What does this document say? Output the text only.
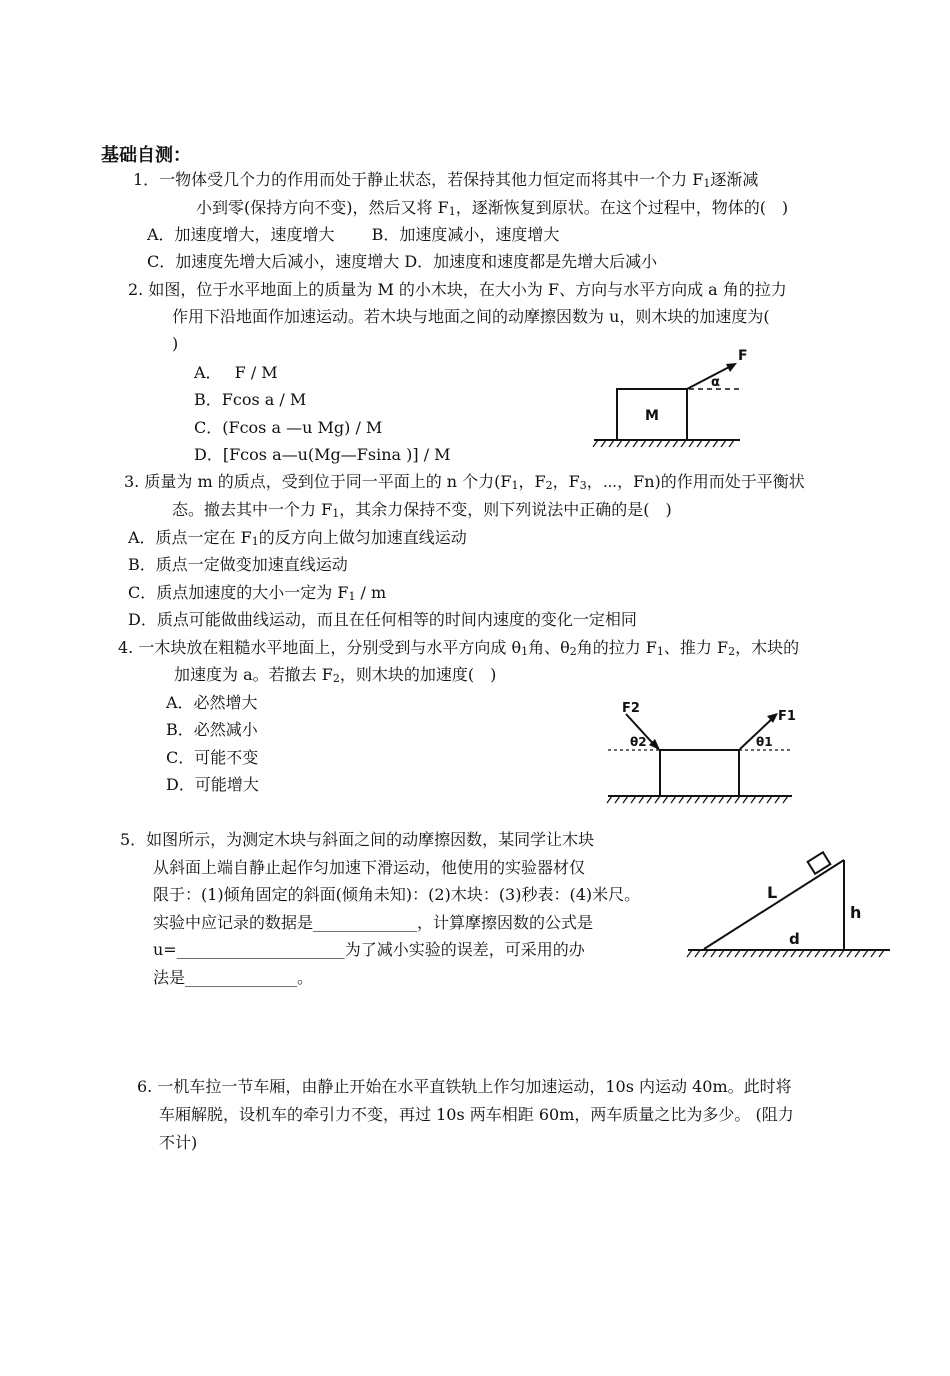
基础自测：
1．一物体受几个力的作用而处于静止状态，若保持其他力恒定而将其中一个力 $F_1$逐渐减
小到零(保持方向不变)，然后又将 $F_1$，逐渐恢复到原状。在这个过程中，物体的(　)
A．加速度增大，速度增大　　 B．加速度减小，速度增大
C．加速度先增大后减小，速度增大 D．加速度和速度都是先增大后减小
2. 如图，位于水平地面上的质量为 M 的小木块，在大小为 F、方向与水平方向成 a 角的拉力
作用下沿地面作加速运动。若木块与地面之间的动摩擦因数为 u，则木块的加速度为(
)
A．　 F / M
B．Fcos a / M
C．(Fcos a —u Mg) / M
D．[Fcos a—u(Mg—Fsina )] / M
M
α
F
3. 质量为 m 的质点，受到位于同一平面上的 n 个力($F_1$，$F_2$，$F_3$，⋯，Fn)的作用而处于平衡状
态。撤去其中一个力 $F_1$，其余力保持不变，则下列说法中正确的是(　)
A．质点一定在 $F_1$的反方向上做匀加速直线运动
B．质点一定做变加速直线运动
C．质点加速度的大小一定为 $F_1$ / m
D．质点可能做曲线运动，而且在任何相等的时间内速度的变化一定相同
4. 一木块放在粗糙水平地面上，分别受到与水平方向成 $\theta_1$角、$\theta_2$角的拉力 $F_1$、推力 $F_2$，木块的
加速度为 a。若撤去 $F_2$，则木块的加速度(　)
A．必然增大
B．必然减小
C．可能不变
D．可能增大
F2
F1
θ2	θ1
5．如图所示，为测定木块与斜面之间的动摩擦因数，某同学让木块
从斜面上端自静止起作匀加速下滑运动，他使用的实验器材仅
限于：(1)倾角固定的斜面(倾角未知)：(2)木块：(3)秒表：(4)米尺。
实验中应记录的数据是_____________，计算摩擦因数的公式是
u=_____________________为了减小实验的误差，可采用的办
法是______________。
L
h
d
6. 一机车拉一节车厢，由静止开始在水平直铁轨上作匀加速运动，10s 内运动 40m。此时将
车厢解脱，设机车的牵引力不变，再过 10s 两车相距 60m，两车质量之比为多少。 (阻力
不计)
